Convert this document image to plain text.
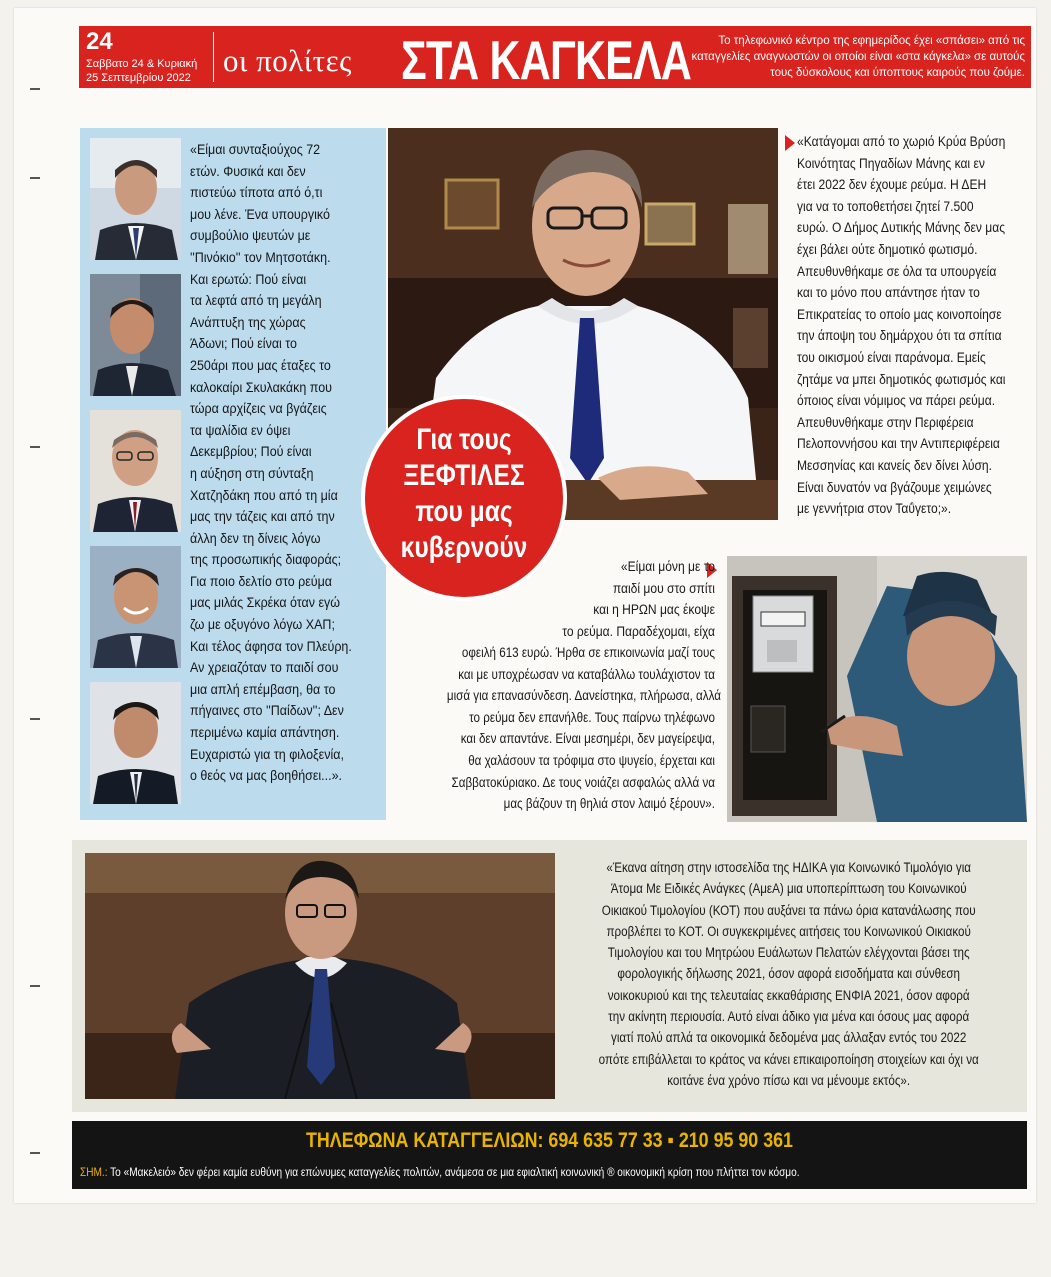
24
Σαββατο 24 & Κυριακή
25 Σεπτεμβρίου 2022 οι πολίτες ΣΤΑ ΚΑΓΚΕΛΑ	Το τηλεφωνικό κέντρο της εφημερίδος έχει «σπάσει» από τις καταγγελίες αναγνωστών οι οποίοι είναι «στα κάγκελα» σε αυτούς τους δύσκολους και ύποπτους καιρούς που ζούμε.
«Είμαι συνταξιούχος 72
ετών. Φυσικά και δεν
πιστεύω τίποτα από ό,τι
μου λένε. Ένα υπουργικό
συμβούλιο ψευτών με
''Πινόκιο'' τον Μητσοτάκη.
Και ερωτώ: Πού είναι
τα λεφτά από τη μεγάλη
Ανάπτυξη της χώρας
Άδωνι; Πού είναι το
250άρι που μας έταξες το
καλοκαίρι Σκυλακάκη που
τώρα αρχίζεις να βγάζεις
τα ψαλίδια εν όψει
Δεκεμβρίου; Πού είναι
η αύξηση στη σύνταξη
Χατζηδάκη που από τη μία
μας την τάζεις και από την
άλλη δεν τη δίνεις λόγω
της προσωπικής διαφοράς;
Για ποιο δελτίο στο ρεύμα
μας μιλάς Σκρέκα όταν εγώ
ζω με οξυγόνο λόγω ΧΑΠ;
Και τέλος άφησα τον Πλεύρη.
Αν χρειαζόταν το παιδί σου
μια απλή επέμβαση, θα το
πήγαινες στο ''Παίδων''; Δεν
περιμένω καμία απάντηση.
Ευχαριστώ για τη φιλοξενία,
ο θεός να μας βοηθήσει...».
Για τους
ΞΕΦΤΙΛΕΣ
που μας
κυβερνούν
«Κατάγομαι από το χωριό Κρύα Βρύση
Κοινότητας Πηγαδίων Μάνης και εν
έτει 2022 δεν έχουμε ρεύμα. Η ΔΕΗ
για να το τοποθετήσει ζητεί 7.500
ευρώ. Ο Δήμος Δυτικής Μάνης δεν μας
έχει βάλει ούτε δημοτικό φωτισμό.
Απευθυνθήκαμε σε όλα τα υπουργεία
και το μόνο που απάντησε ήταν το
Επικρατείας το οποίο μας κοινοποίησε
την άποψη του δημάρχου ότι τα σπίτια
του οικισμού είναι παράνομα. Εμείς
ζητάμε να μπει δημοτικός φωτισμός και
όποιος είναι νόμιμος να πάρει ρεύμα.
Απευθυνθήκαμε στην Περιφέρεια
Πελοποννήσου και την Αντιπεριφέρεια
Μεσσηνίας και κανείς δεν δίνει λύση.
Είναι δυνατόν να βγάζουμε χειμώνες
με γεννήτρια στον Ταΰγετο;».
«Είμαι μόνη με το
παιδί μου στο σπίτι
και η ΗΡΩΝ μας έκοψε
το ρεύμα. Παραδέχομαι, είχα
οφειλή 613 ευρώ. Ήρθα σε επικοινωνία μαζί τους
και με υποχρέωσαν να καταβάλλω τουλάχιστον τα
μισά για επανασύνδεση. Δανείστηκα, πλήρωσα, αλλά
το ρεύμα δεν επανήλθε. Τους παίρνω τηλέφωνο
και δεν απαντάνε. Είναι μεσημέρι, δεν μαγείρεψα,
θα χαλάσουν τα τρόφιμα στο ψυγείο, έρχεται και
Σαββατοκύριακο. Δε τους νοιάζει ασφαλώς αλλά να
μας βάζουν τη θηλιά στον λαιμό ξέρουν».
«Έκανα αίτηση στην ιστοσελίδα της ΗΔΙΚΑ για Κοινωνικό Τιμολόγιο για
Άτομα Με Ειδικές Ανάγκες (ΑμεΑ) μια υποπερίπτωση του Κοινωνικού
Οικιακού Τιμολογίου (ΚΟΤ) που αυξάνει τα πάνω όρια κατανάλωσης που
προβλέπει το ΚΟΤ. Οι συγκεκριμένες αιτήσεις του Κοινωνικού Οικιακού
Τιμολογίου και του Μητρώου Ευάλωτων Πελατών ελέγχονται βάσει της
φορολογικής δήλωσης 2021, όσον αφορά εισοδήματα και σύνθεση
νοικοκυριού και της τελευταίας εκκαθάρισης ΕΝΦΙΑ 2021, όσον αφορά
την ακίνητη περιουσία. Αυτό είναι άδικο για μένα και όσους μας αφορά
γιατί πολύ απλά τα οικονομικά δεδομένα μας άλλαξαν εντός του 2022
οπότε επιβάλλεται το κράτος να κάνει επικαιροποίηση στοιχείων και όχι να
κοιτάνε ένα χρόνο πίσω και να μένουμε εκτός».
ΤΗΛΕΦΩΝΑ ΚΑΤΑΓΓΕΛΙΩΝ: 694 635 77 33 ▪ 210 95 90 361
ΣΗΜ.: Το «Μακελειό» δεν φέρει καμία ευθύνη για επώνυμες καταγγελίες πολιτών, ανάμεσα σε μια εφιαλτική κοινωνική ® οικονομική κρίση που πλήττει τον κόσμο.
